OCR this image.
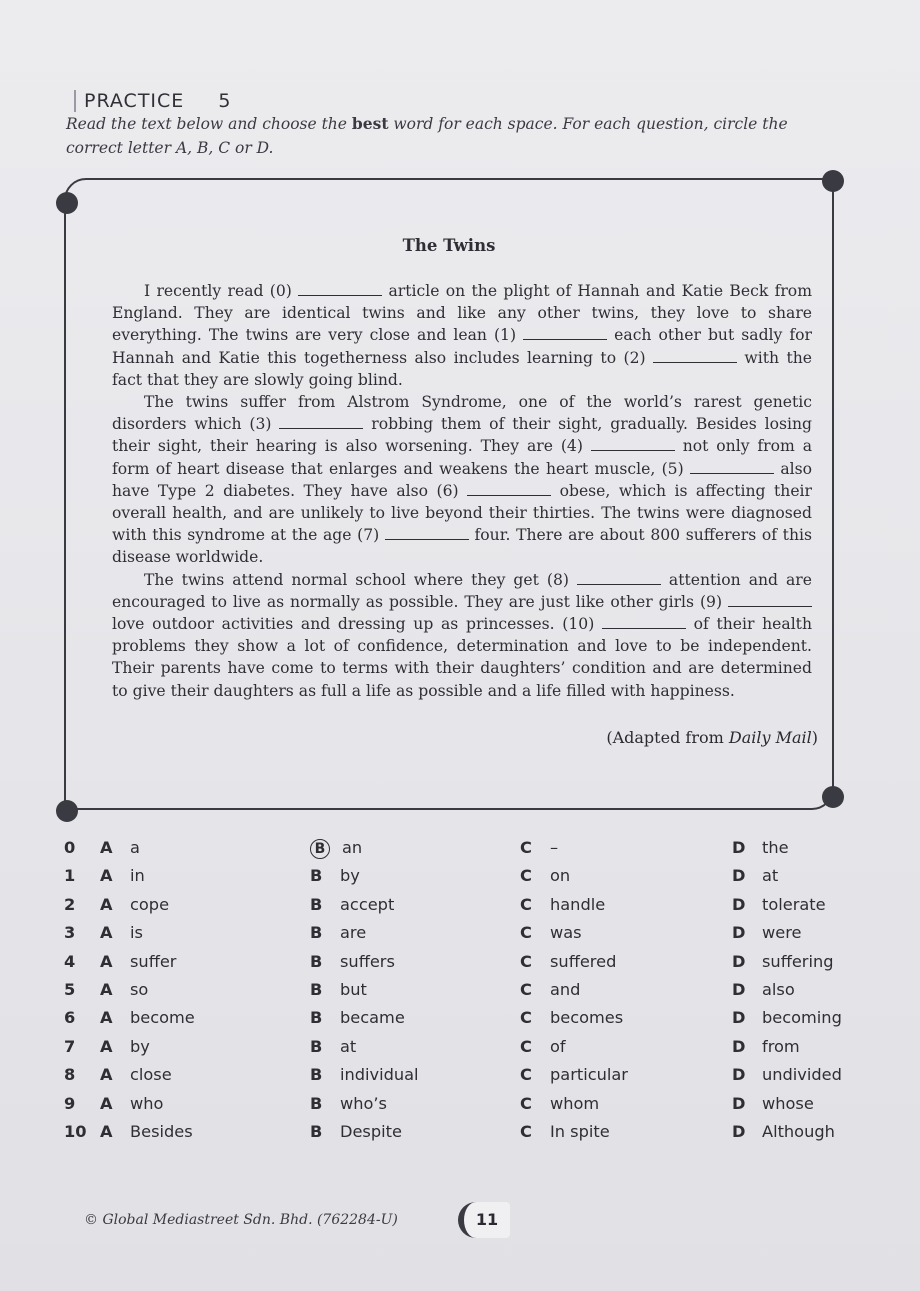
PRACTICE 5
Read the text below and choose the best word for each space. For each question, circle the correct letter A, B, C or D.
The Twins

I recently read (0)	article on the plight of Hannah and Katie Beck from England. They are identical twins and like any other twins, they love to share everything. The twins are very close and lean (1)	each other but sadly for Hannah and Katie this togetherness also includes learning to (2)	with the fact that they are slowly going blind.

The twins suffer from Alstrom Syndrome, one of the world’s rarest genetic disorders which (3)	robbing them of their sight, gradually. Besides losing their sight, their hearing is also worsening. They are (4)	not only from a form of heart disease that enlarges and weakens the heart muscle, (5)	also have Type 2 diabetes. They have also (6)	obese, which is affecting their overall health, and are unlikely to live beyond their thirties. The twins were diagnosed with this syndrome at the age (7)	four. There are about 800 sufferers of this disease worldwide.

The twins attend normal school where they get (8)	attention and are encouraged to live as normally as possible. They are just like other girls (9)  love outdoor activities and dressing up as princesses. (10)	of their health problems they show a lot of confidence, determination and love to be independent. Their parents have come to terms with their daughters’ condition and are determined to give their daughters as full a life as possible and a life filled with happiness.

(Adapted from Daily Mail)
0	A a	B an	C –	D the
1	A in	B by	C on	D at
2	A cope	B accept	C handle	D tolerate
3	A is	B are	C was	D were
4	A suffer	B suffers	C suffered	D suffering
5	A so	B but	C and	D also
6	A become	B became	C becomes	D becoming
7	A by	B at	C of	D from
8	A close	B individual	C particular	D undivided
9	A who	B who’s	C whom	D whose
10 A Besides	B Despite	C In spite	D Although
© Global Mediastreet Sdn. Bhd. (762284-U)	11
